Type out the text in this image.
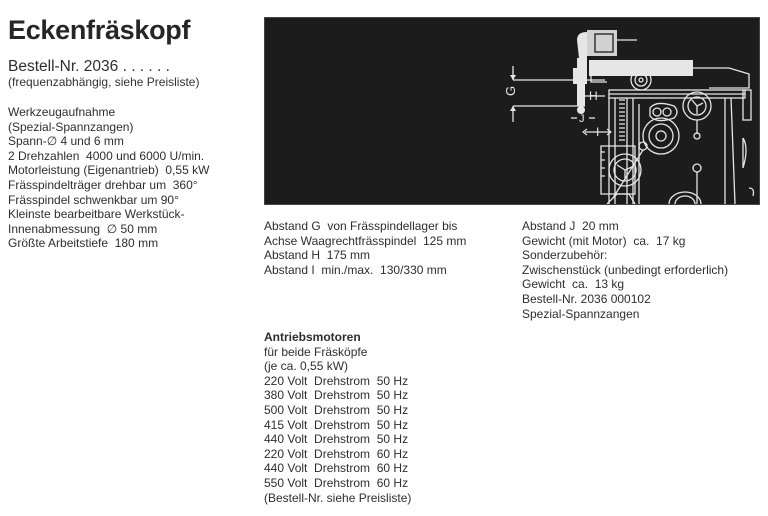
Eckenfräskopf
Bestell-Nr. 2036 . . . . . .
(frequenzabhängig, siehe Preisliste)
Werkzeugaufnahme
(Spezial-Spannzangen)
Spann-∅ 4 und 6 mm
2 Drehzahlen  4000 und 6000 U/min.
Motorleistung (Eigenantrieb)  0,55 kW
Frässpindelträger drehbar um  360°
Frässpindel schwenkbar um 90°
Kleinste bearbeitbare Werkstück-
Innenabmessung  ∅ 50 mm
Größte Arbeitstiefe  180 mm
G	H
J
I
Abstand G  von Frässpindellager bis
Achse Waagrechtfrässpindel  125 mm
Abstand H  175 mm
Abstand I  min./max.  130/330 mm
Abstand J  20 mm
Gewicht (mit Motor)  ca.  17 kg
Sonderzubehör:
Zwischenstück (unbedingt erforderlich)
Gewicht  ca.  13 kg
Bestell-Nr. 2036 000102
Spezial-Spannzangen
Antriebsmotoren
für beide Fräsköpfe
(je ca. 0,55 kW)
220 Volt  Drehstrom  50 Hz
380 Volt  Drehstrom  50 Hz
500 Volt  Drehstrom  50 Hz
415 Volt  Drehstrom  50 Hz
440 Volt  Drehstrom  50 Hz
220 Volt  Drehstrom  60 Hz
440 Volt  Drehstrom  60 Hz
550 Volt  Drehstrom  60 Hz
(Bestell-Nr. siehe Preisliste)
